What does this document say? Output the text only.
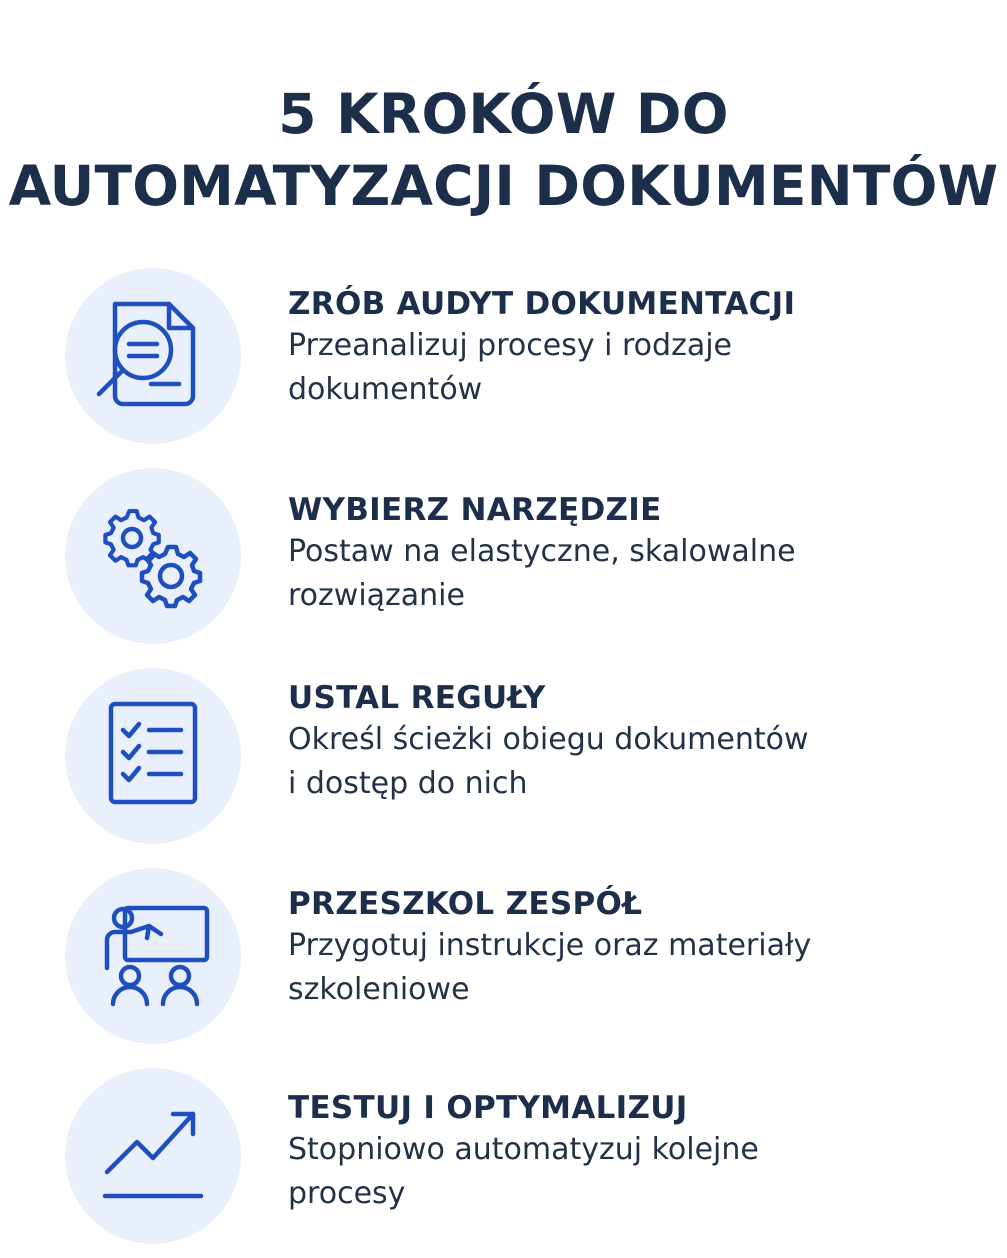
5 KROKÓW DO
AUTOMATYZACJI DOKUMENTÓW
ZRÓB AUDYT DOKUMENTACJI
Przeanalizuj procesy i rodzaje
dokumentów
WYBIERZ NARZĘDZIE
Postaw na elastyczne, skalowalne
rozwiązanie
USTAL REGUŁY
Określ ścieżki obiegu dokumentów
i dostęp do nich
PRZESZKOL ZESPÓŁ
Przygotuj instrukcje oraz materiały
szkoleniowe
TESTUJ I OPTYMALIZUJ
Stopniowo automatyzuj kolejne
procesy
